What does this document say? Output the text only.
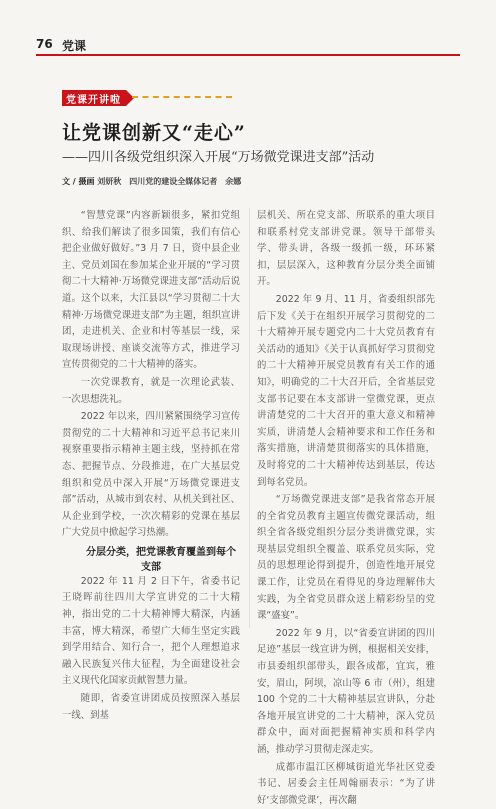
76 党课
党课开讲啦
让党课创新又“走心”
——四川各级党组织深入开展“万场微党课进支部”活动
文 / 摄画 刘妍秋　四川党的建设全媒体记者　余娜

“智慧党课”内容新颖很多，紧扣党组织、给我们解读了很多国策，我们有信心把企业做好做好。”3 月 7 日，资中县企业主、党员刘国在参加某企业开展的“学习贯彻二十大精神·万场微党课进支部”活动后说道。这个以来，大江县以“学习贯彻二十大精神·万场微党课进支部”为主题，组织宣讲团，走进机关、企业和村等基层一线，采取现场讲授、座谈交流等方式，推进学习宣传贯彻党的二十大精神的落实。

一次党课教育，就是一次理论武装、一次思想洗礼。

2022 年以来，四川紧紧围绕学习宣传贯彻党的二十大精神和习近平总书记来川视察重要指示精神主题主线，坚持抓在常态、把握节点、分段推进，在广大基层党组织和党员中深入开展“万场微党课进支部”活动，从城市到农村、从机关到社区、从企业到学校，一次次精彩的党课在基层广大党员中掀起学习热潮。

分层分类，把党课教育覆盖到每个支部

2022 年 11 月 2 日下午，省委书记王晓晖前往四川大学宣讲党的二十大精神，指出党的二十大精神博大精深，内涵丰富，博大精深，希望广大师生坚定实践到学用结合、知行合一，把个人理想追求融入民族复兴伟大征程，为全面建设社会主义现代化国家贡献智慧力量。

随即，省委宣讲团成员按照深入基层一线、到基

层机关、所在党支部、所联系的重大项目和联系村党支部讲党课。领导干部带头学、带头讲，各级一级抓一级，环环紧扣，层层深入，这种教育分层分类全面铺开。

2022 年 9 月、11 月，省委组织部先后下发《关于在组织开展学习贯彻党的二十大精神开展专题党内二十大党员教育有关活动的通知》《关于认真抓好学习贯彻党的二十大精神开展党员教育有关工作的通知》，明确党的二十大召开后，全省基层党支部书记要在本支部讲一堂微党课，更点讲清楚党的二十大召开的重大意义和精神实质，讲清楚人会精神要求和工作任务和落实措施，讲清楚贯彻落实的具体措施，及时将党的二十大精神传达到基层，传达到每名党员。

“万场微党课进支部”是我省常态开展的全省党员教育主题宣传微党课活动，组织全省各级党组织分层分类讲微党课，实现基层党组织全覆盖、联系党员实际，党员的思想理论得到提升，创造性地开展党课工作，让党员在看得见的身边理解伟大实践，为全省党员群众送上精彩纷呈的党课“盛宴”。

2022 年 9 月，以“省委宣讲团的四川足迹”基层一线宣讲为例，根据相关安排，市县委组织部带头，跟各成都，宜宾，雅安，眉山，阿坝，凉山等 6 市（州），组建 100 个党的二十大精神基层宣讲队，分赴各地开展宣讲党的二十大精神，深入党员群众中，面对面把握精神实质和科学内涵，推动学习贯彻走深走实。

成都市温江区柳城街道光华社区党委书记、居委会主任周翰丽表示：“为了讲好‘支部微党课’，再次翻
